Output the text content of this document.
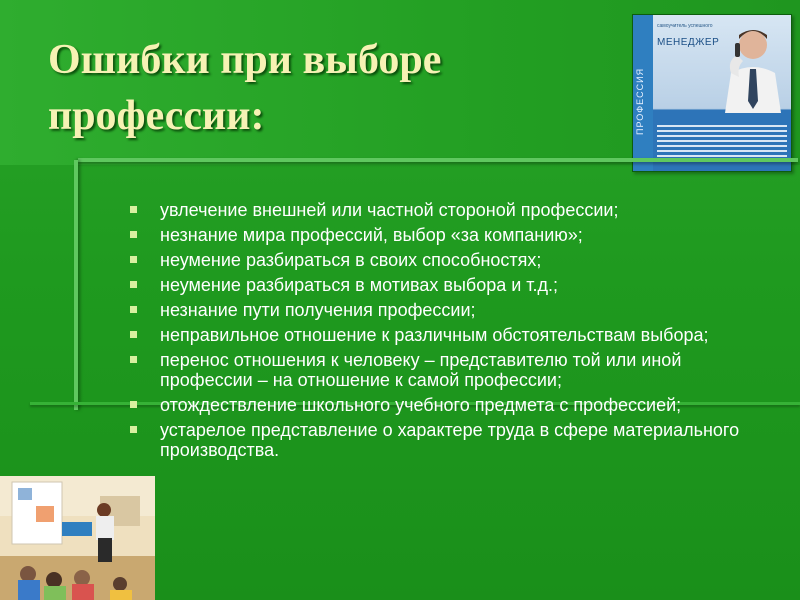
Ошибки при выборе
профессии:	ПРОФЕССИЯ
самоучитель успешного
МЕНЕДЖЕР
увлечение внешней или частной стороной профессии;
незнание мира профессий, выбор «за компанию»;
неумение разбираться в своих способностях;
неумение разбираться в мотивах выбора и т.д.;
незнание пути получения профессии;
неправильное отношение к различным обстоятельствам выбора;
перенос отношения к человеку – представителю той или иной профессии – на отношение к самой профессии;
отождествление школьного учебного предмета с профессией;
устарелое представление о характере труда в сфере материального производства.
